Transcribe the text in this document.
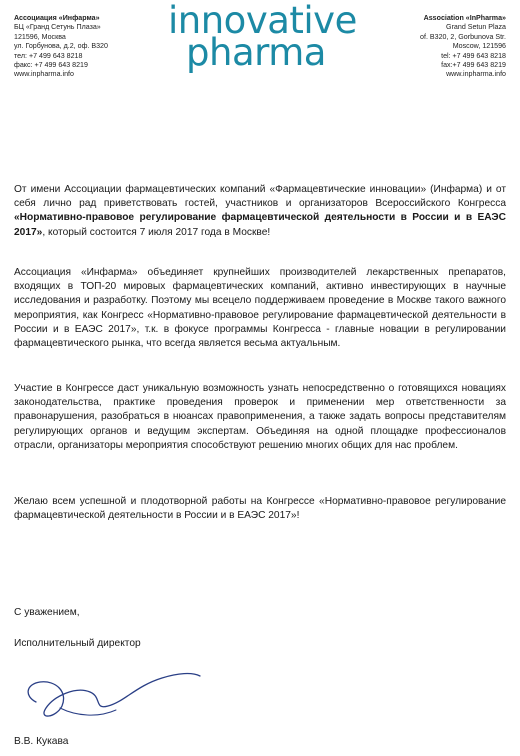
Ассоциация «Инфарма»
БЦ «Гранд Сетунь Плаза»
121596, Москва
ул. Горбунова, д.2, оф. В320
тел: +7 499 643 8218
факс: +7 499 643 8219
www.inpharma.info
innovative
pharma
Association «InPharma»
Grand Setun Plaza
of. B320, 2, Gorbunova Str.
Moscow, 121596
tel: +7 499 643 8218
fax:+7 499 643 8219
www.inpharma.info

От имени Ассоциации фармацевтических компаний «Фармацевтические инновации» (Инфарма) и от себя лично рад приветствовать гостей, участников и организаторов Всероссийского Конгресса «Нормативно-правовое регулирование фармацевтической деятельности в России и в ЕАЭС 2017», который состоится 7 июля 2017 года в Москве!

Ассоциация «Инфарма» объединяет крупнейших производителей лекарственных препаратов, входящих в ТОП-20 мировых фармацевтических компаний, активно инвестирующих в научные исследования и разработку. Поэтому мы всецело поддерживаем проведение в Москве такого важного мероприятия, как Конгресс «Нормативно-правовое регулирование фармацевтической деятельности в России и в ЕАЭС 2017», т.к. в фокусе программы Конгресса - главные новации в регулировании фармацевтического рынка, что всегда является весьма актуальным.

Участие в Конгрессе даст уникальную возможность узнать непосредственно о готовящихся новациях законодательства, практике проведения проверок и применении мер ответственности за правонарушения, разобраться в нюансах правоприменения, а также задать вопросы представителям регулирующих органов и ведущим экспертам. Объединяя на одной площадке профессионалов отрасли, организаторы мероприятия способствуют решению многих общих для нас проблем.

Желаю всем успешной и плодотворной работы на Конгрессе «Нормативно-правовое регулирование фармацевтической деятельности в России и в ЕАЭС 2017»!

С уважением,
Исполнительный директор
В.В. Кукава
